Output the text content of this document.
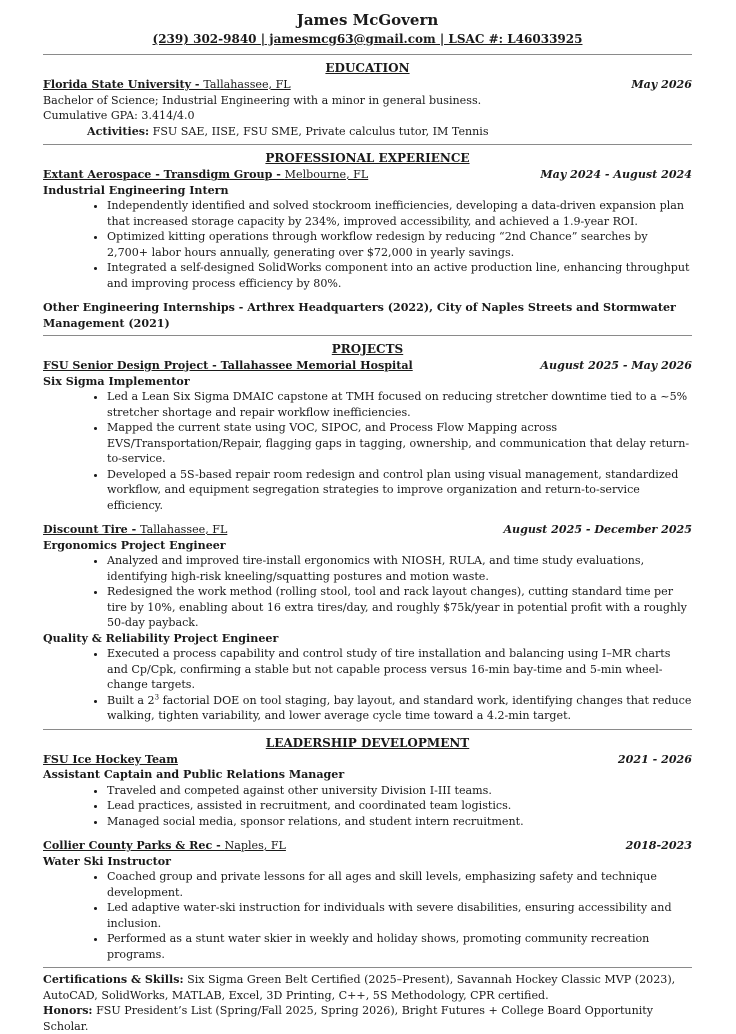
James McGovern
(239) 302-9840 | jamesmcg63@gmail.com | LSAC #: L46033925
EDUCATION
Florida State University - Tallahassee, FL	May 2026
Bachelor of Science; Industrial Engineering with a minor in general business.
Cumulative GPA: 3.414/4.0
Activities: FSU SAE, IISE, FSU SME, Private calculus tutor, IM Tennis
PROFESSIONAL EXPERIENCE
Extant Aerospace - Transdigm Group - Melbourne, FL	May 2024 - August 2024
Industrial Engineering Intern
• Independently identified and solved stockroom inefficiencies, developing a data-driven expansion plan that increased storage capacity by 234%, improved accessibility, and achieved a 1.9-year ROI.
• Optimized kitting operations through workflow redesign by reducing “2nd Chance” searches by 2,700+ labor hours annually, generating over $72,000 in yearly savings.
• Integrated a self-designed SolidWorks component into an active production line, enhancing throughput and improving process efficiency by 80%.
Other Engineering Internships - Arthrex Headquarters (2022), City of Naples Streets and Stormwater Management (2021)
PROJECTS
FSU Senior Design Project - Tallahassee Memorial Hospital	August 2025 - May 2026
Six Sigma Implementor
• Led a Lean Six Sigma DMAIC capstone at TMH focused on reducing stretcher downtime tied to a ~5% stretcher shortage and repair workflow inefficiencies.
• Mapped the current state using VOC, SIPOC, and Process Flow Mapping across EVS/Transportation/Repair, flagging gaps in tagging, ownership, and communication that delay return-to-service.
• Developed a 5S-based repair room redesign and control plan using visual management, standardized workflow, and equipment segregation strategies to improve organization and return-to-service efficiency.
Discount Tire - Tallahassee, FL	August 2025 - December 2025
Ergonomics Project Engineer
• Analyzed and improved tire-install ergonomics with NIOSH, RULA, and time study evaluations, identifying high-risk kneeling/squatting postures and motion waste.
• Redesigned the work method (rolling stool, tool and rack layout changes), cutting standard time per tire by 10%, enabling about 16 extra tires/day, and roughly $75k/year in potential profit with a roughly 50-day payback.
Quality & Reliability Project Engineer
• Executed a process capability and control study of tire installation and balancing using I–MR charts and Cp/Cpk, confirming a stable but not capable process versus 16-min bay-time and 5-min wheel-change targets.
• Built a $2^3$ factorial DOE on tool staging, bay layout, and standard work, identifying changes that reduce walking, tighten variability, and lower average cycle time toward a 4.2-min target.
LEADERSHIP DEVELOPMENT
FSU Ice Hockey Team	2021 - 2026
Assistant Captain and Public Relations Manager
• Traveled and competed against other university Division I-III teams.
• Lead practices, assisted in recruitment, and coordinated team logistics.
• Managed social media, sponsor relations, and student intern recruitment.
Collier County Parks & Rec - Naples, FL	2018-2023
Water Ski Instructor
• Coached group and private lessons for all ages and skill levels, emphasizing safety and technique development.
• Led adaptive water-ski instruction for individuals with severe disabilities, ensuring accessibility and inclusion.
• Performed as a stunt water skier in weekly and holiday shows, promoting community recreation programs.

Certifications & Skills: Six Sigma Green Belt Certified (2025–Present), Savannah Hockey Classic MVP (2023), AutoCAD, SolidWorks, MATLAB, Excel, 3D Printing, C++, 5S Methodology, CPR certified.

Honors: FSU President’s List (Spring/Fall 2025, Spring 2026), Bright Futures + College Board Opportunity Scholar.
